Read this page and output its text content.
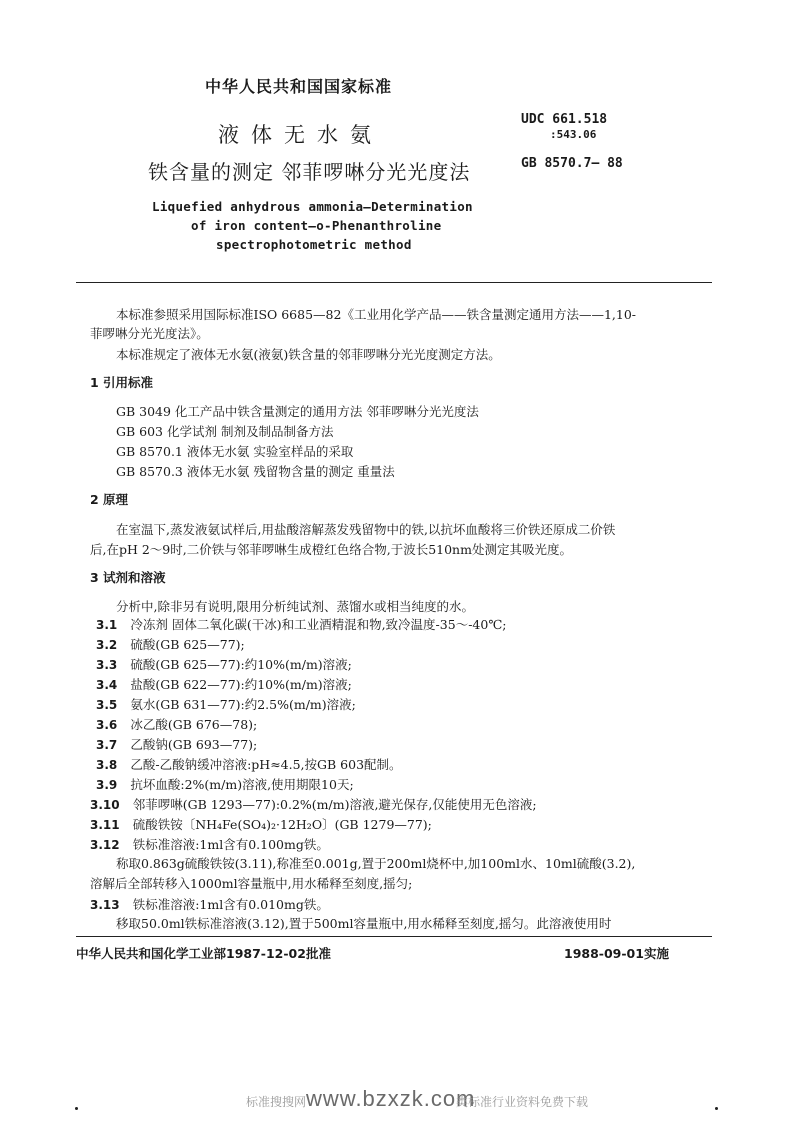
中华人民共和国国家标准
液体无水氨
铁含量的测定 邻菲啰啉分光光度法
UDC 661.518
:543.06
GB 8570.7— 88
Liquefied anhydrous ammonia—Determination
of iron content—o-Phenanthroline
spectrophotometric method
本标准参照采用国际标准ISO 6685—82《工业用化学产品——铁含量测定通用方法——1,10-
菲啰啉分光光度法》。
本标准规定了液体无水氨(液氨)铁含量的邻菲啰啉分光光度测定方法。
1 引用标准
GB 3049 化工产品中铁含量测定的通用方法 邻菲啰啉分光光度法
GB 603 化学试剂 制剂及制品制备方法
GB 8570.1 液体无水氨 实验室样品的采取
GB 8570.3 液体无水氨 残留物含量的测定 重量法
2 原理
在室温下,蒸发液氨试样后,用盐酸溶解蒸发残留物中的铁,以抗坏血酸将三价铁还原成二价铁
后,在pH 2～9时,二价铁与邻菲啰啉生成橙红色络合物,于波长510nm处测定其吸光度。
3 试剂和溶液
分析中,除非另有说明,限用分析纯试剂、蒸馏水或相当纯度的水。
3.1 冷冻剂 固体二氧化碳(干冰)和工业酒精混和物,致冷温度-35～-40℃;
3.2 硫酸(GB 625—77);
3.3 硫酸(GB 625—77):约10%(m/m)溶液;
3.4 盐酸(GB 622—77):约10%(m/m)溶液;
3.5 氨水(GB 631—77):约2.5%(m/m)溶液;
3.6 冰乙酸(GB 676—78);
3.7 乙酸钠(GB 693—77);
3.8 乙酸-乙酸钠缓冲溶液:pH≈4.5,按GB 603配制。
3.9 抗坏血酸:2%(m/m)溶液,使用期限10天;
3.10 邻菲啰啉(GB 1293—77):0.2%(m/m)溶液,避光保存,仅能使用无色溶液;
3.11 硫酸铁铵〔NH₄Fe(SO₄)₂·12H₂O〕(GB 1279—77);
3.12 铁标准溶液:1ml含有0.100mg铁。
称取0.863g硫酸铁铵(3.11),称准至0.001g,置于200ml烧杯中,加100ml水、10ml硫酸(3.2),
溶解后全部转移入1000ml容量瓶中,用水稀释至刻度,摇匀;
3.13 铁标准溶液:1ml含有0.010mg铁。
移取50.0ml铁标准溶液(3.12),置于500ml容量瓶中,用水稀释至刻度,摇匀。此溶液使用时
中华人民共和国化学工业部1987-12-02批准	1988-09-01实施
标准搜搜网 www.bzxzk.com
类标准行业资料免费下载
